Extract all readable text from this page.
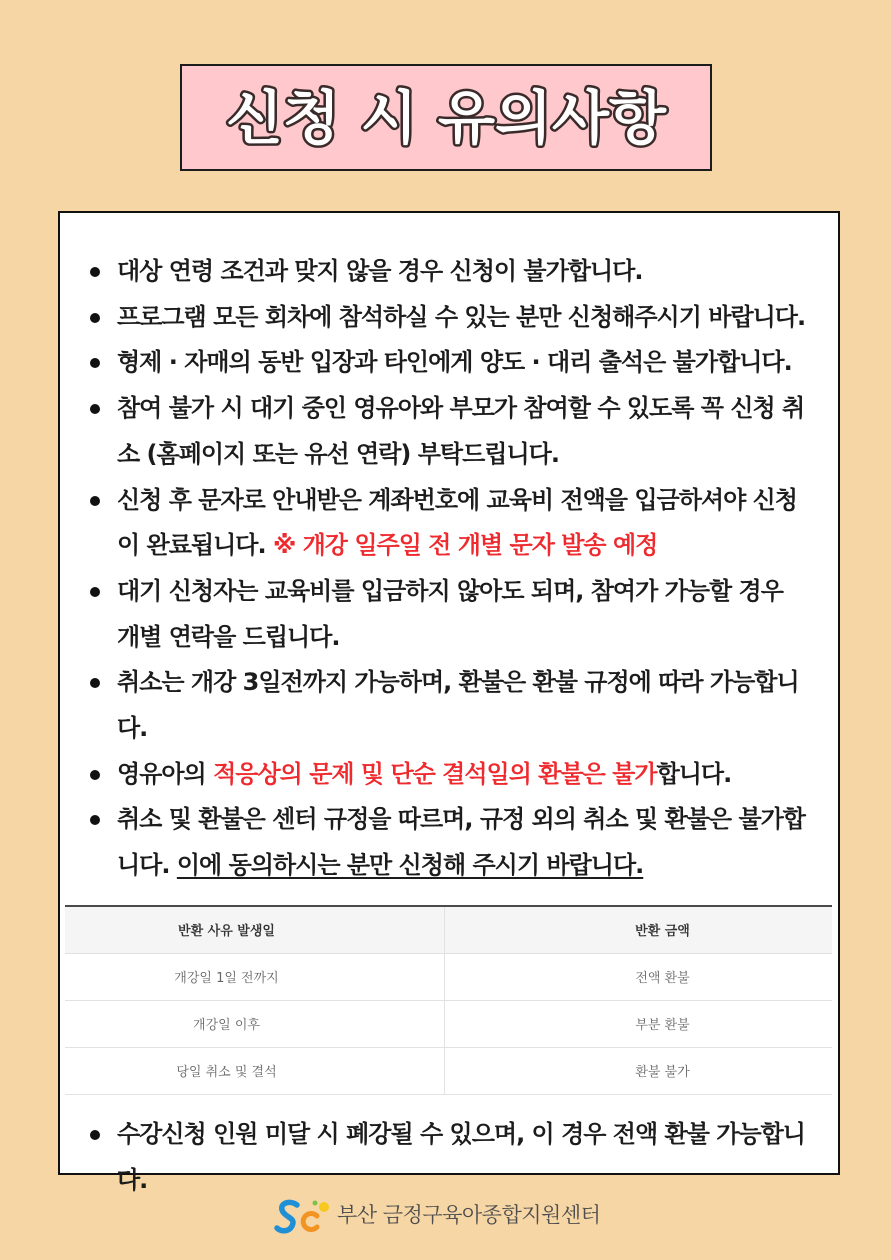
신청 시 유의사항
대상 연령 조건과 맞지 않을 경우 신청이 불가합니다.
프로그램 모든 회차에 참석하실 수 있는 분만 신청해주시기 바랍니다.
형제 · 자매의 동반 입장과 타인에게 양도 · 대리 출석은 불가합니다.
참여 불가 시 대기 중인 영유아와 부모가 참여할 수 있도록 꼭 신청 취소 (홈페이지 또는 유선 연락) 부탁드립니다.
신청 후 문자로 안내받은 계좌번호에 교육비 전액을 입금하셔야 신청이 완료됩니다. ※ 개강 일주일 전 개별 문자 발송 예정
대기 신청자는 교육비를 입금하지 않아도 되며, 참여가 가능할 경우 개별 연락을 드립니다.
취소는 개강 3일전까지 가능하며, 환불은 환불 규정에 따라 가능합니다.
영유아의 적응상의 문제 및 단순 결석일의 환불은 불가합니다.
취소 및 환불은 센터 규정을 따르며, 규정 외의 취소 및 환불은 불가합니다. 이에 동의하시는 분만 신청해 주시기 바랍니다.
반환 사유 발생일	반환 금액
개강일 1일 전까지	전액 환불
개강일 이후	부분 환불
당일 취소 및 결석	환불 불가
수강신청 인원 미달 시 폐강될 수 있으며, 이 경우 전액 환불 가능합니다.
부산 금정구육아종합지원센터
